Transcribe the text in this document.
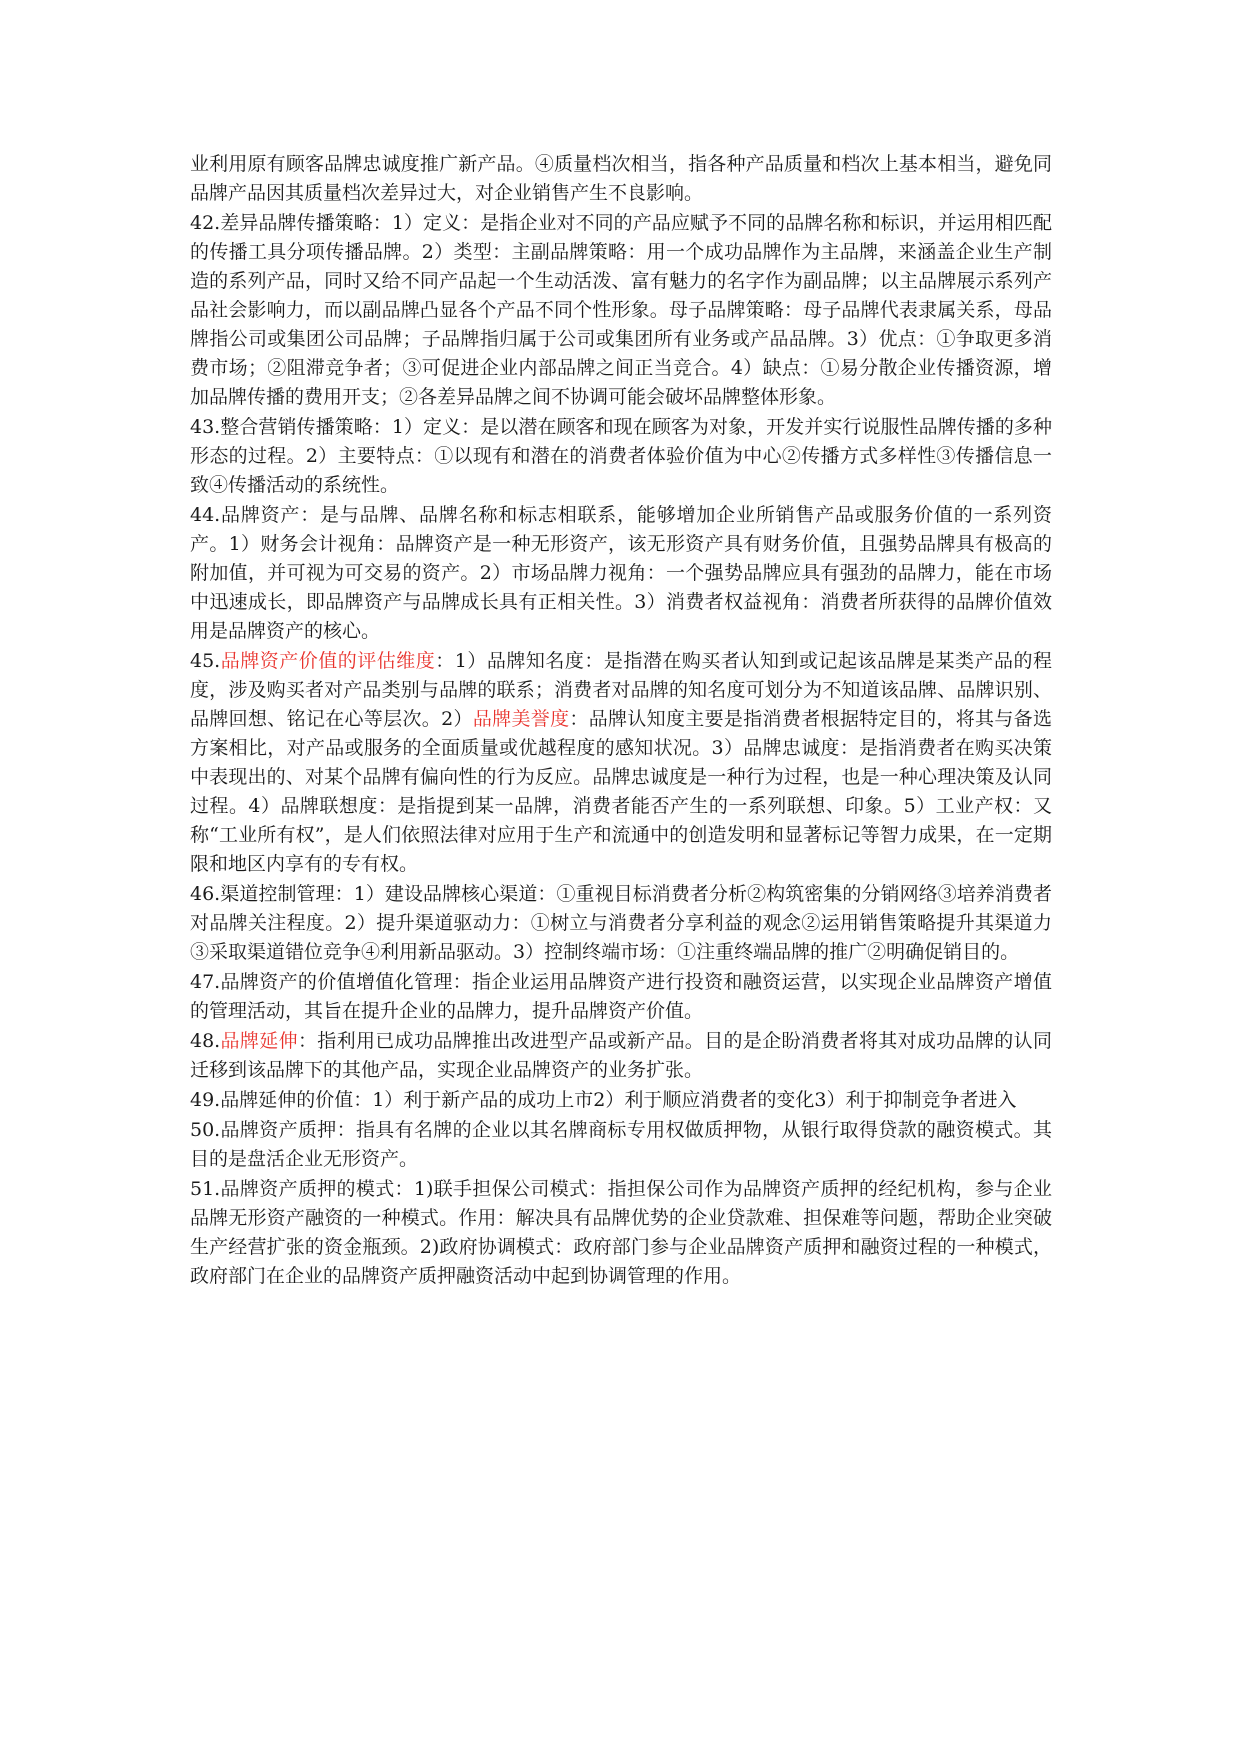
业利用原有顾客品牌忠诚度推广新产品。④质量档次相当，指各种产品质量和档次上基本相当，避免同品牌产品因其质量档次差异过大，对企业销售产生不良影响。

42.差异品牌传播策略：1）定义：是指企业对不同的产品应赋予不同的品牌名称和标识，并运用相匹配的传播工具分项传播品牌。2）类型：主副品牌策略：用一个成功品牌作为主品牌，来涵盖企业生产制造的系列产品，同时又给不同产品起一个生动活泼、富有魅力的名字作为副品牌；以主品牌展示系列产品社会影响力，而以副品牌凸显各个产品不同个性形象。母子品牌策略：母子品牌代表隶属关系，母品牌指公司或集团公司品牌；子品牌指归属于公司或集团所有业务或产品品牌。3）优点：①争取更多消费市场；②阻滞竞争者；③可促进企业内部品牌之间正当竞合。4）缺点：①易分散企业传播资源，增加品牌传播的费用开支；②各差异品牌之间不协调可能会破坏品牌整体形象。

43.整合营销传播策略：1）定义：是以潜在顾客和现在顾客为对象，开发并实行说服性品牌传播的多种形态的过程。2）主要特点：①以现有和潜在的消费者体验价值为中心②传播方式多样性③传播信息一致④传播活动的系统性。

44.品牌资产：是与品牌、品牌名称和标志相联系，能够增加企业所销售产品或服务价值的一系列资产。1）财务会计视角：品牌资产是一种无形资产，该无形资产具有财务价值，且强势品牌具有极高的附加值，并可视为可交易的资产。2）市场品牌力视角：一个强势品牌应具有强劲的品牌力，能在市场中迅速成长，即品牌资产与品牌成长具有正相关性。3）消费者权益视角：消费者所获得的品牌价值效用是品牌资产的核心。

45.品牌资产价值的评估维度：1）品牌知名度：是指潜在购买者认知到或记起该品牌是某类产品的程度，涉及购买者对产品类别与品牌的联系；消费者对品牌的知名度可划分为不知道该品牌、品牌识别、品牌回想、铭记在心等层次。2）品牌美誉度：品牌认知度主要是指消费者根据特定目的，将其与备选方案相比，对产品或服务的全面质量或优越程度的感知状况。3）品牌忠诚度：是指消费者在购买决策中表现出的、对某个品牌有偏向性的行为反应。品牌忠诚度是一种行为过程，也是一种心理决策及认同过程。4）品牌联想度：是指提到某一品牌，消费者能否产生的一系列联想、印象。5）工业产权：又称“工业所有权”，是人们依照法律对应用于生产和流通中的创造发明和显著标记等智力成果，在一定期限和地区内享有的专有权。

46.渠道控制管理：1）建设品牌核心渠道：①重视目标消费者分析②构筑密集的分销网络③培养消费者对品牌关注程度。2）提升渠道驱动力：①树立与消费者分享利益的观念②运用销售策略提升其渠道力③采取渠道错位竞争④利用新品驱动。3）控制终端市场：①注重终端品牌的推广②明确促销目的。

47.品牌资产的价值增值化管理：指企业运用品牌资产进行投资和融资运营，以实现企业品牌资产增值的管理活动，其旨在提升企业的品牌力，提升品牌资产价值。

48.品牌延伸：指利用已成功品牌推出改进型产品或新产品。目的是企盼消费者将其对成功品牌的认同迁移到该品牌下的其他产品，实现企业品牌资产的业务扩张。

49.品牌延伸的价值：1）利于新产品的成功上市2）利于顺应消费者的变化3）利于抑制竞争者进入

50.品牌资产质押：指具有名牌的企业以其名牌商标专用权做质押物，从银行取得贷款的融资模式。其目的是盘活企业无形资产。

51.品牌资产质押的模式：1)联手担保公司模式：指担保公司作为品牌资产质押的经纪机构，参与企业品牌无形资产融资的一种模式。作用：解决具有品牌优势的企业贷款难、担保难等问题，帮助企业突破生产经营扩张的资金瓶颈。2)政府协调模式：政府部门参与企业品牌资产质押和融资过程的一种模式，政府部门在企业的品牌资产质押融资活动中起到协调管理的作用。
